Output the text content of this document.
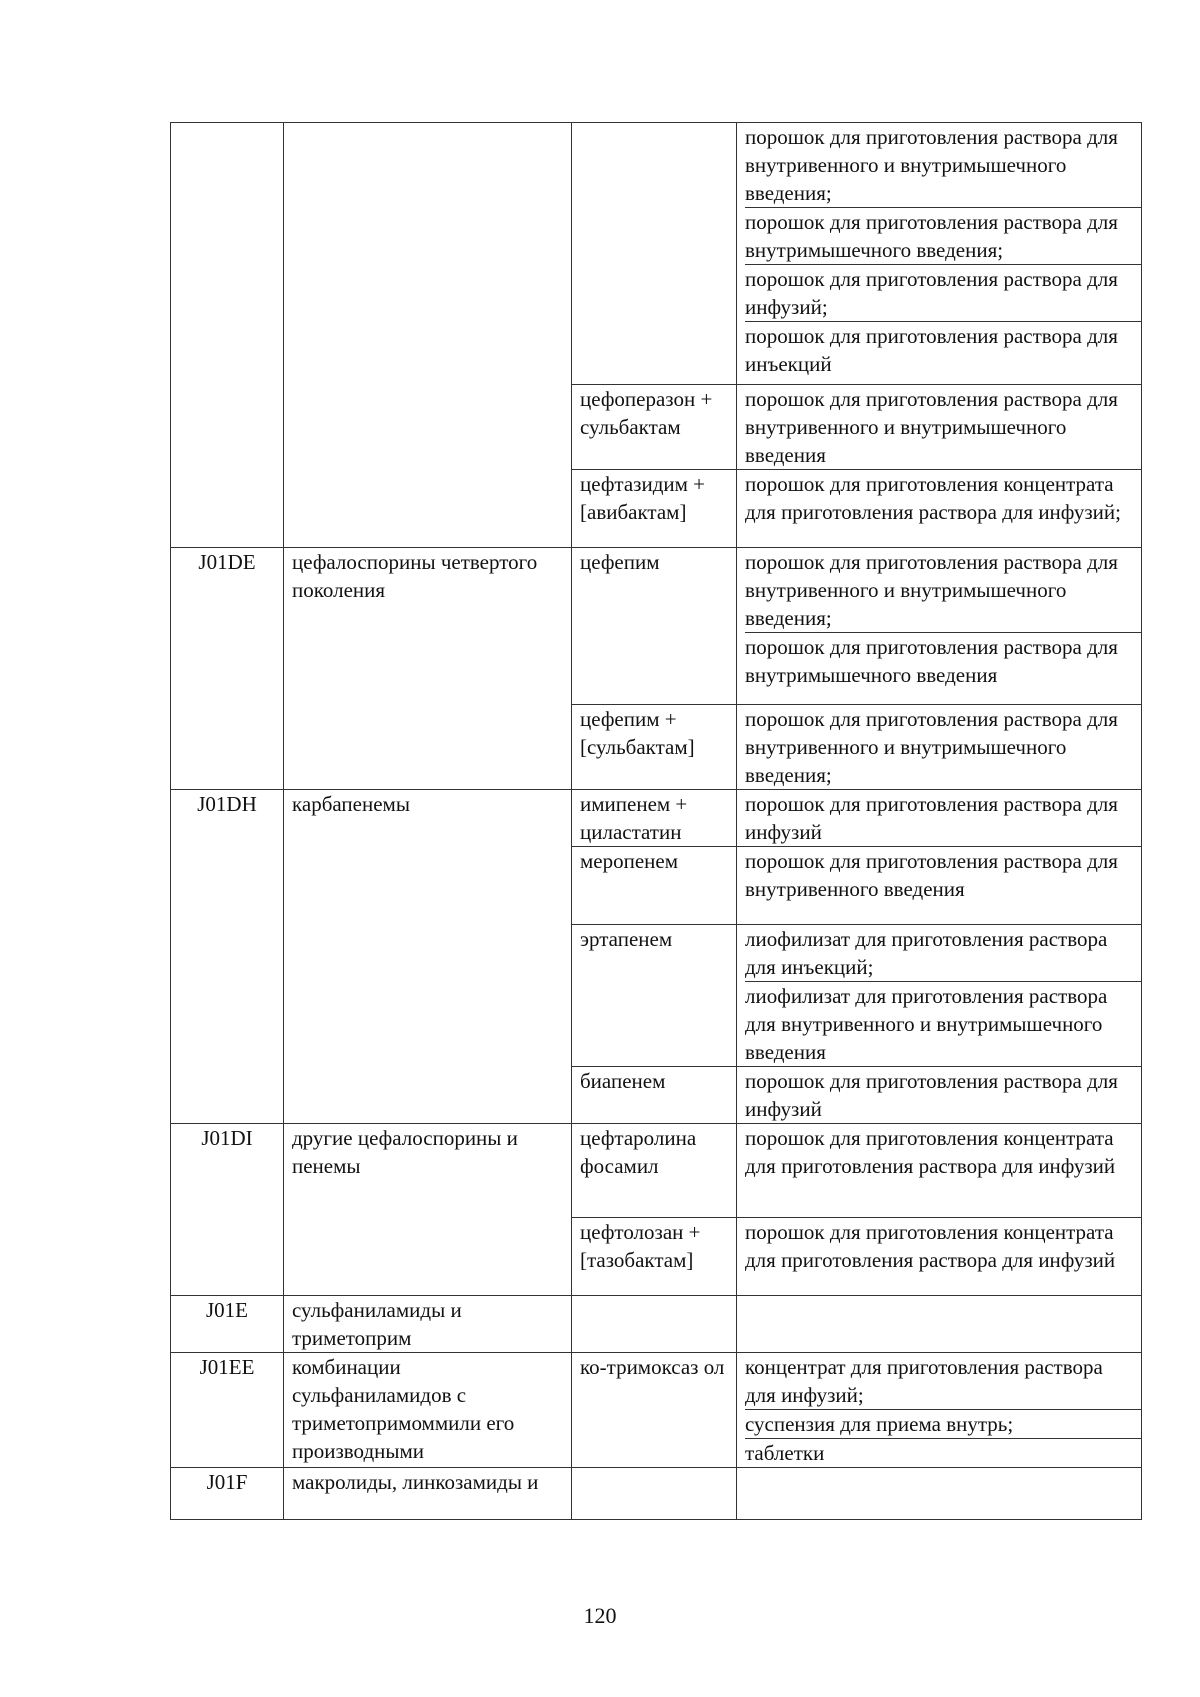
			порошок для приготовления раствора для внутривенного и внутримышечного введения;
порошок для приготовления раствора для внутримышечного введения;
порошок для приготовления раствора для инфузий;
порошок для приготовления раствора для инъекций

		цефоперазон + сульбактам	порошок для приготовления раствора для внутривенного и внутримышечного введения

		цефтазидим + [авибактам]	порошок для приготовления концентрата для приготовления раствора для инфузий;

J01DE	цефалоспорины четвертого поколения	цефепим	порошок для приготовления раствора для внутривенного и внутримышечного введения;
порошок для приготовления раствора для внутримышечного введения

		цефепим + [сульбактам]	порошок для приготовления раствора для внутривенного и внутримышечного введения;

J01DH	карбапенемы	имипенем + циластатин	порошок для приготовления раствора для инфузий

		меропенем	порошок для приготовления раствора для внутривенного введения

		эртапенем	лиофилизат для приготовления раствора для инъекций;
лиофилизат для приготовления раствора для внутривенного и внутримышечного введения

		биапенем	порошок для приготовления раствора для инфузий

J01DI	другие цефалоспорины и пенемы	цефтаролина фосамил	порошок для приготовления концентрата для приготовления раствора для инфузий

		цефтолозан + [тазобактам]	порошок для приготовления концентрата для приготовления раствора для инфузий

J01E	сульфаниламиды и триметоприм		

J01EE	комбинации сульфаниламидов с триметопримоммили его производными	ко-тримоксаз ол	концентрат для приготовления раствора для инфузий;
суспензия для приема внутрь;
таблетки

J01F	макролиды, линкозамиды и		
120
